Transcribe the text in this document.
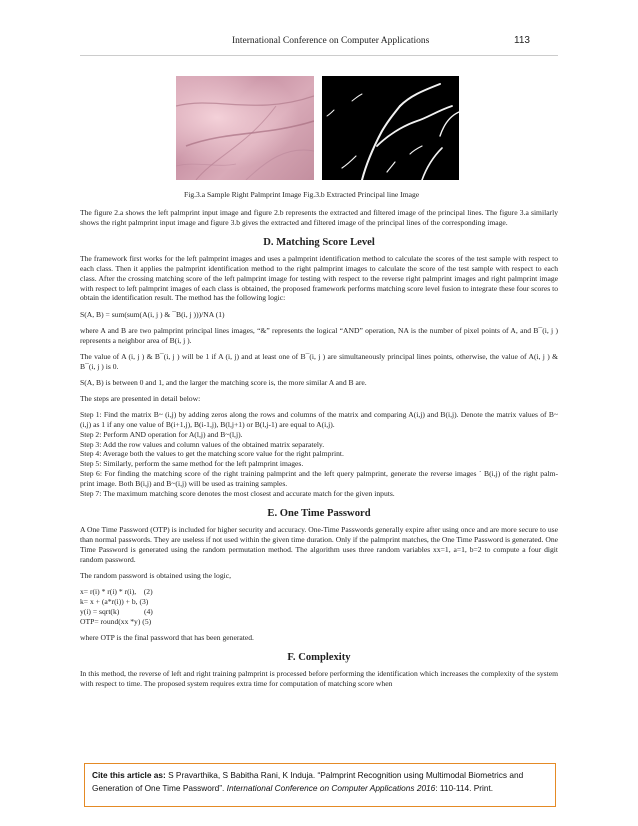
International Conference on Computer Applications	113
Fig.3.a Sample Right Palmprint Image Fig.3.b Extracted Principal line Image

The figure 2.a shows the left palmprint input image and figure 2.b represents the extracted and filtered image of the principal lines. The figure 3.a similarly shows the right palmprint input image and figure 3.b gives the extracted and filtered image of the principal lines of the corresponding image.

D. Matching Score Level

The framework first works for the left palmprint images and uses a palmprint identification method to calculate the scores of the test sample with respect to each class. Then it applies the palmprint identification method to the right palmprint images to calculate the score of the test sample with respect to each class. After the crossing matching score of the left palmprint image for testing with respect to the reverse right palmprint images and right palmprint image with respect to left palmprint images of each class is obtained, the proposed framework performs matching score level fusion to integrate these four scores to obtain the identification result. The method has the following logic:

S(A, B) = sum(sum(A(i, j ) & ¯B(i, j )))/NA (1)

where A and B are two palmprint principal lines images, “&” represents the logical “AND” operation, NA is the number of pixel points of A, and B¯(i, j ) represents a neighbor area of B(i, j ).

The value of A (i, j ) & B¯(i, j ) will be 1 if A (i, j) and at least one of B¯(i, j ) are simultaneously principal lines points, otherwise, the value of A(i, j ) & B¯(i, j ) is 0.

S(A, B) is between 0 and 1, and the larger the matching score is, the more similar A and B are.

The steps are presented in detail below:

Step 1: Find the matrix B~ (i,j) by adding zeros along the rows and columns of the matrix and comparing A(i,j) and B(i,j). Denote the matrix values of B~(i,j) as 1 if any one value of B(i+1,j), B(i-1,j), B(l,j+1) or B(l,j-1) are equal to A(i,j).

Step 2: Perform AND operation for A(l,j) and B~(l,j).

Step 3: Add the row values and column values of the obtained matrix separately.

Step 4: Average both the values to get the matching score value for the right palmprint.

Step 5: Similarly, perform the same method for the left palmprint images.

Step 6: For finding the matching score of the right training palmprint and the left query palmprint, generate the reverse images ` B(i,j) of the right palm- print image. Both B(i,j) and B~(i,j) will be used as training samples.

Step 7: The maximum matching score denotes the most closest and accurate match for the given inputs.

E. One Time Password

A One Time Password (OTP) is included for higher security and accuracy. One-Time Passwords generally expire after using once and are more secure to use than normal passwords. They are useless if not used within the given time duration. Only if the palmprint matches, the One Time Password is generated. One Time Password is generated using the random permutation method. The algorithm uses three random variables xx=1, a=1, b=2 to compute a four digit random password.

The random password is obtained using the logic,

x= r(i) * r(i) * r(i),    (2)

k= x + (a*r(i)) + b, (3)

y(i) = sqrt(k)             (4)

OTP= round(xx *y) (5)

where OTP is the final password that has been generated.

F. Complexity

In this method, the reverse of left and right training palmprint is processed before performing the identification which increases the complexity of the system with respect to time. The proposed system requires extra time for computation of matching score when

Cite this article as: S Pravarthika, S Babitha Rani, K Induja. “Palmprint Recognition using Multimodal Biometrics and Generation of One Time Password”. International Conference on Computer Applications 2016: 110-114. Print.
